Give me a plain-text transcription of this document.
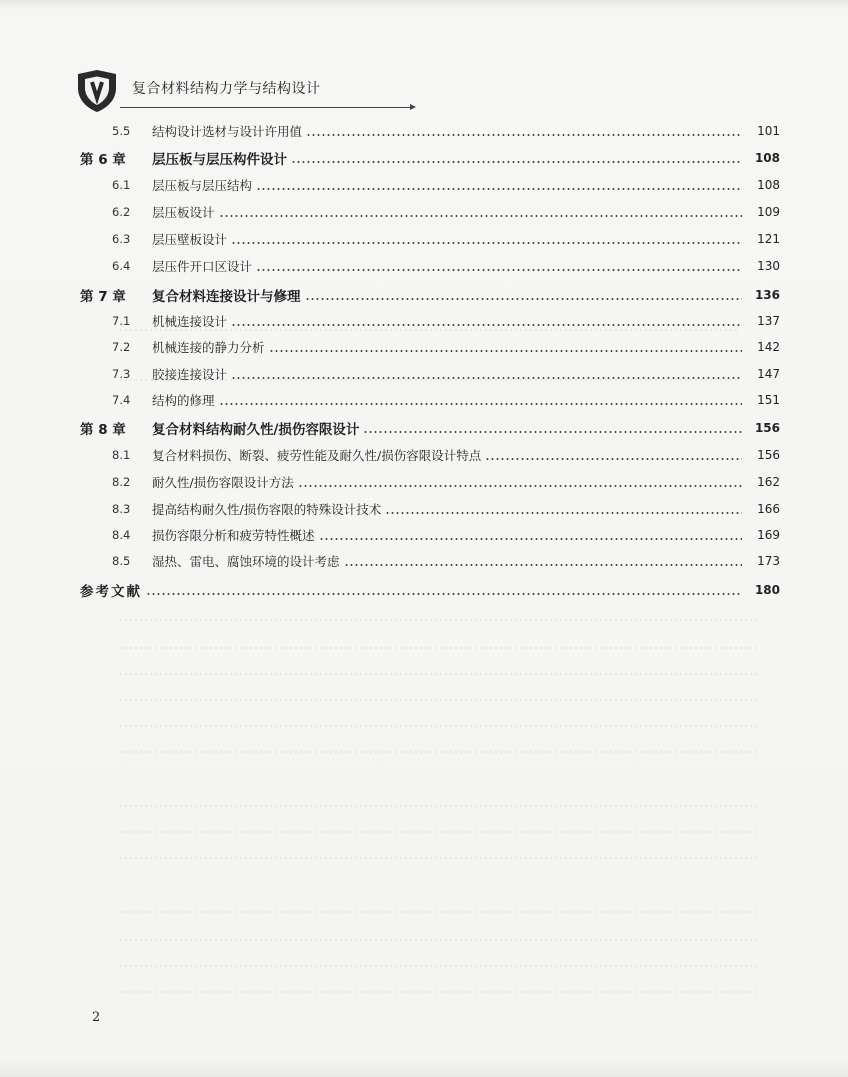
复合材料结构力学与结构设计
5.5	结构设计选材与设计许用值	101
第 6 章	层压板与层压构件设计	108
6.1	层压板与层压结构	108
6.2	层压板设计	109
6.3	层压壁板设计	121
6.4	层压件开口区设计	130
第 7 章	复合材料连接设计与修理	136
7.1	机械连接设计	137
7.2	机械连接的静力分析	142
7.3	胶接连接设计	147
7.4	结构的修理	151
第 8 章	复合材料结构耐久性/损伤容限设计	156
8.1	复合材料损伤、断裂、疲劳性能及耐久性/损伤容限设计特点	156
8.2	耐久性/损伤容限设计方法	162
8.3	提高结构耐久性/损伤容限的特殊设计技术	166
8.4	损伤容限分析和疲劳特性概述	169
8.5	湿热、雷电、腐蚀环境的设计考虑	173
参考文献	180
2
